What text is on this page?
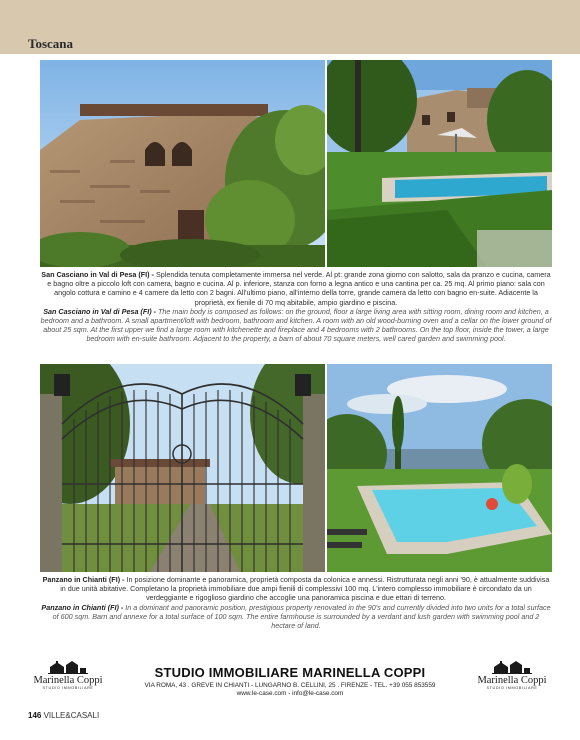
Toscana
San Casciano in Val di Pesa (FI) - Splendida tenuta completamente immersa nel verde. Al pt: grande zona giorno con salotto, sala da pranzo e cucina, camera e bagno oltre a piccolo loft con camera, bagno e cucina. Al p. inferiore, stanza con forno a legna antico e una cantina per ca. 25 mq. Al primo piano: sala con angolo cottura e camino e 4 camere da letto con 2 bagni. All'ultimo piano, all'interno della torre, grande camera da letto con bagno en-suite. Adiacente la proprietà, ex fienile di 70 mq abitabile, ampio giardino e piscina.
San Casciano in Val di Pesa (FI) - The main body is composed as follows: on the ground, floor a large living area with sitting room, dining room and kitchen, a bedroom and a bathroom. A small apartment/loft with bedroom, bathroom and kitchen. A room with an old wood-burning oven and a cellar on the lower ground of about 25 sqm. At the first upper we find a large room with kitchenette and fireplace and 4 bedrooms with 2 bathrooms. On the top floor, inside the tower, a large bedroom with en-suite bathroom. Adjacent to the property, a barn of about 70 square meters, well cared garden and swimming pool.
Panzano in Chianti (FI) - In posizione dominante e panoramica, proprietà composta da colonica e annessi. Ristrutturata negli anni '90, è attualmente suddivisa in due unità abitative. Completano la proprietà immobiliare due ampi fienili di complessivi 100 mq. L'intero complesso immobiliare è circondato da un verdeggiante e rigoglioso giardino che accoglie una panoramica piscina e due ettari di terreno.
Panzano in Chianti (FI) - In a dominant and panoramic position, prestigious property renovated in the 90's and currently divided into two units for a total surface of 600 sqm. Barn and annexe for a total surface of 100 sqm. The entire farmhouse is surrounded by a verdant and lush garden with swimming pool and 2 hectare of land.
Marinella Coppi
STUDIO IMMOBILIARE
STUDIO IMMOBILIARE MARINELLA COPPI
VIA ROMA, 43 . GREVE IN CHIANTI - LUNGARNO B. CELLINI, 25 . FIRENZE - TEL. +39 055 853559
www.le-case.com - info@le-case.com
Marinella Coppi
STUDIO IMMOBILIARE
146 VILLE&CASALI
